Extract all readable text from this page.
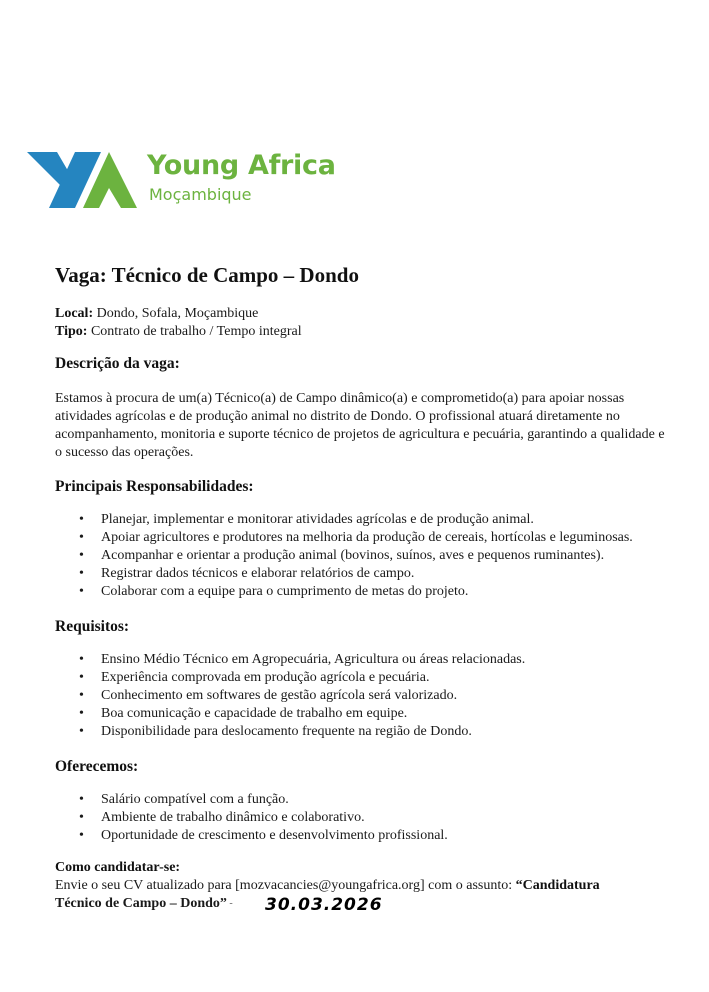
Young Africa
Moçambique
Vaga: Técnico de Campo – Dondo
Local: Dondo, Sofala, Moçambique
Tipo: Contrato de trabalho / Tempo integral
Descrição da vaga:
Estamos à procura de um(a) Técnico(a) de Campo dinâmico(a) e comprometido(a) para apoiar nossas atividades agrícolas e de produção animal no distrito de Dondo. O profissional atuará diretamente no acompanhamento, monitoria e suporte técnico de projetos de agricultura e pecuária, garantindo a qualidade e o sucesso das operações.
Principais Responsabilidades:
• Planejar, implementar e monitorar atividades agrícolas e de produção animal.
• Apoiar agricultores e produtores na melhoria da produção de cereais, hortícolas e leguminosas.
• Acompanhar e orientar a produção animal (bovinos, suínos, aves e pequenos ruminantes).
• Registrar dados técnicos e elaborar relatórios de campo.
• Colaborar com a equipe para o cumprimento de metas do projeto.
Requisitos:
• Ensino Médio Técnico em Agropecuária, Agricultura ou áreas relacionadas.
• Experiência comprovada em produção agrícola e pecuária.
• Conhecimento em softwares de gestão agrícola será valorizado.
• Boa comunicação e capacidade de trabalho em equipe.
• Disponibilidade para deslocamento frequente na região de Dondo.
Oferecemos:
• Salário compatível com a função.
• Ambiente de trabalho dinâmico e colaborativo.
• Oportunidade de crescimento e desenvolvimento profissional.
Como candidatar-se:
Envie o seu CV atualizado para [mozvacancies@youngafrica.org] com o assunto: “Candidatura
Técnico de Campo – Dondo” - 30.03.2026
